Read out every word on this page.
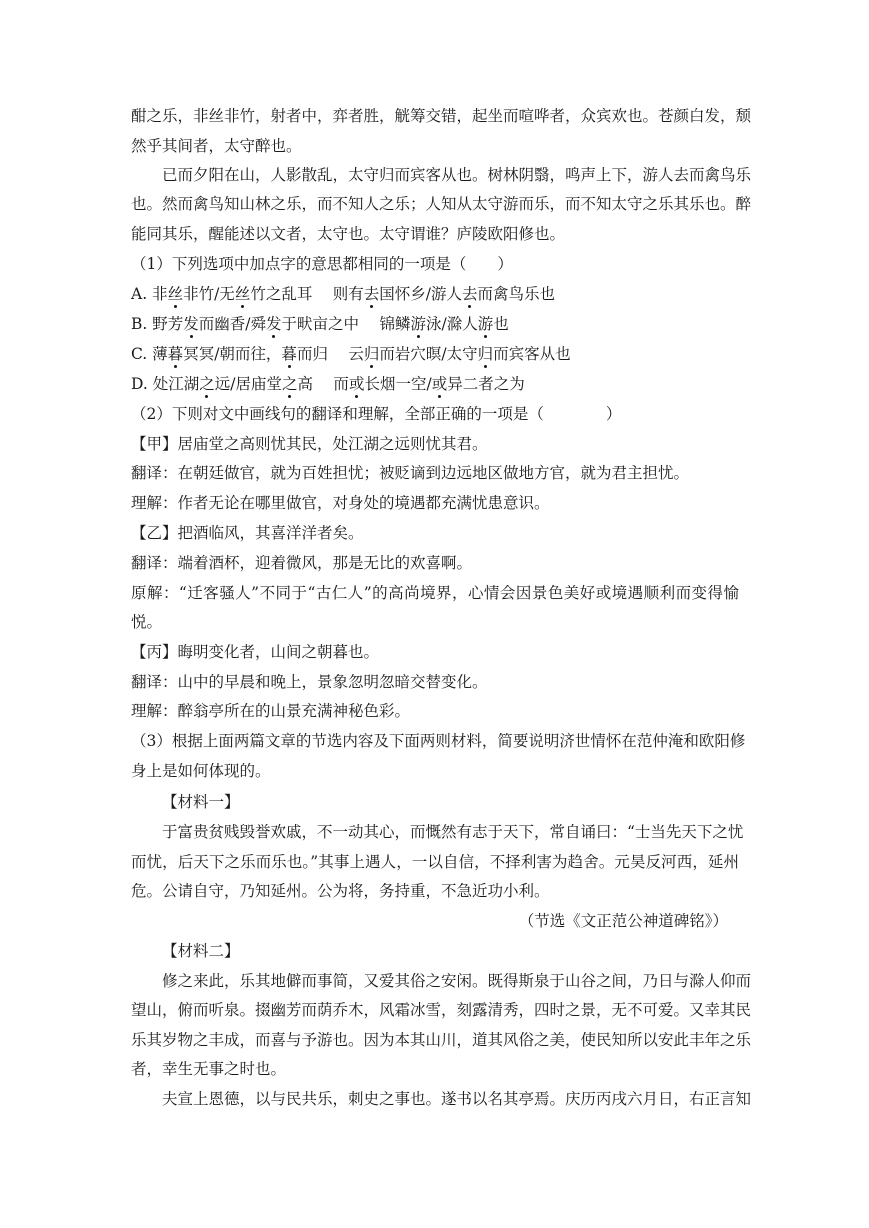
酣之乐，非丝非竹，射者中，弈者胜，觥筹交错，起坐而喧哗者，众宾欢也。苍颜白发，颓
然乎其间者，太守醉也。
已而夕阳在山，人影散乱，太守归而宾客从也。树林阴翳，鸣声上下，游人去而禽鸟乐
也。然而禽鸟知山林之乐，而不知人之乐；人知从太守游而乐，而不知太守之乐其乐也。醉
能同其乐，醒能述以文者，太守也。太守谓谁？庐陵欧阳修也。
（1）下列选项中加点字的意思都相同的一项是（　　）
A. 非丝非竹/无丝竹之乱耳　 则有去国怀乡/游人去而禽鸟乐也
B. 野芳发而幽香/舜发于畎亩之中　 锦鳞游泳/滁人游也
C. 薄暮冥冥/朝而往，暮而归　 云归而岩穴暝/太守归而宾客从也
D. 处江湖之远/居庙堂之高　 而或长烟一空/或异二者之为
（2）下则对文中画线句的翻译和理解，全部正确的一项是（　　　　）
【甲】居庙堂之高则忧其民，处江湖之远则忧其君。
翻译：在朝廷做官，就为百姓担忧；被贬谪到边远地区做地方官，就为君主担忧。
理解：作者无论在哪里做官，对身处的境遇都充满忧患意识。
【乙】把酒临风，其喜洋洋者矣。
翻译：端着酒杯，迎着微风，那是无比的欢喜啊。
原解：“迁客骚人”不同于“古仁人”的高尚境界，心情会因景色美好或境遇顺利而变得愉
悦。
【丙】晦明变化者，山间之朝暮也。
翻译：山中的早晨和晚上，景象忽明忽暗交替变化。
理解：醉翁亭所在的山景充满神秘色彩。
（3）根据上面两篇文章的节选内容及下面两则材料，简要说明济世情怀在范仲淹和欧阳修
身上是如何体现的。
【材料一】
于富贵贫贱毁誉欢戚，不一动其心，而慨然有志于天下，常自诵曰：“士当先天下之忧
而忧，后天下之乐而乐也。”其事上遇人，一以自信，不择利害为趋舍。元昊反河西，延州
危。公请自守，乃知延州。公为将，务持重，不急近功小利。
（节选《文正范公神道碑铭》）
【材料二】
修之来此，乐其地僻而事简，又爱其俗之安闲。既得斯泉于山谷之间，乃日与滁人仰而
望山，俯而听泉。掇幽芳而荫乔木，风霜冰雪，刻露清秀，四时之景，无不可爱。又幸其民
乐其岁物之丰成，而喜与予游也。因为本其山川，道其风俗之美，使民知所以安此丰年之乐
者，幸生无事之时也。
夫宣上恩德，以与民共乐，刺史之事也。遂书以名其亭焉。庆历丙戌六月日，右正言知
